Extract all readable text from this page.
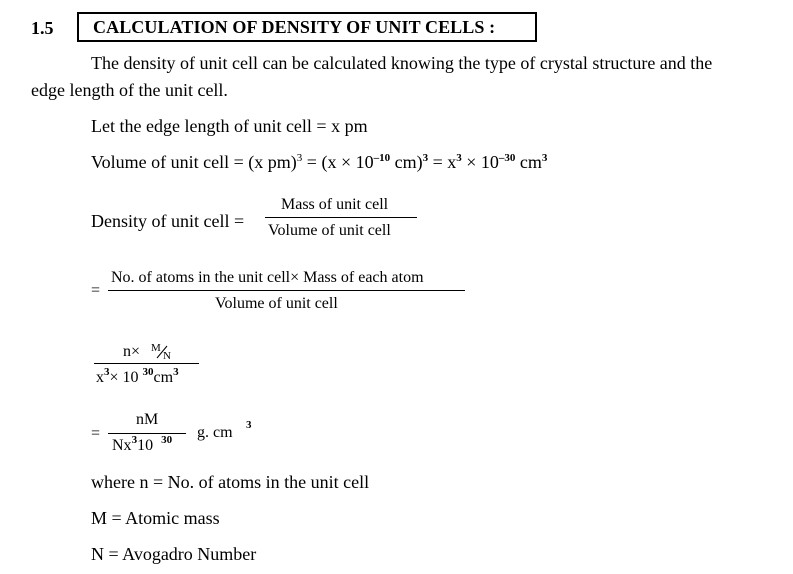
1.5 CALCULATION OF DENSITY OF UNIT CELLS :
The density of unit cell can be calculated knowing the type of crystal structure and the
edge length of the unit cell.
Let the edge length of unit cell = x pm
Volume of unit cell = (x $pm)^3 = (x \times 10^{-10}$ $cm)^3 = x^3 \times 10^{-30}$ $cm^3$
Density of unit cell =
Mass of unit cell
Volume of unit cell
=
No. of atoms in the unit cell× Mass of each atom
Volume of unit cell
n× M
N
$x^3\times 10$ $^{30}cm^3$
=
nM
Nx$^3$10 $^{30}$ g. cm 3
where n = No. of atoms in the unit cell
M = Atomic mass
N = Avogadro Number
